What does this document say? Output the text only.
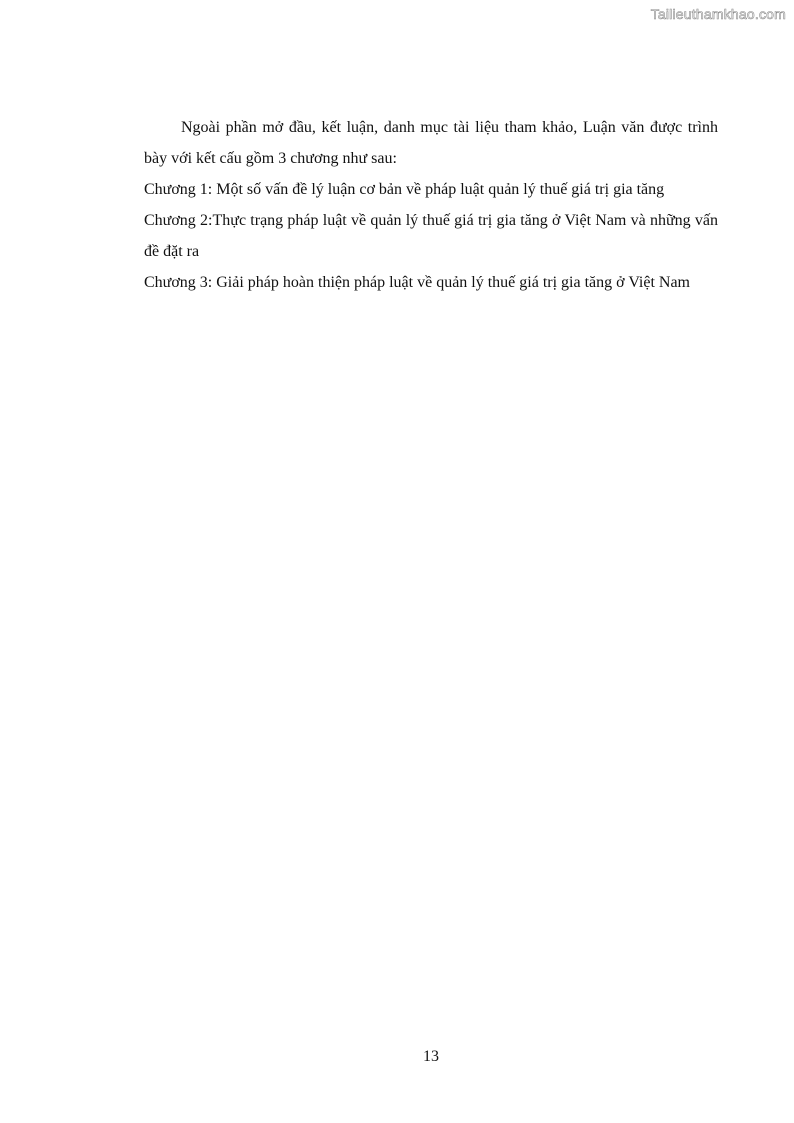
Tailieuthamkhao.com

Ngoài phần mở đầu, kết luận, danh mục tài liệu tham khảo, Luận văn được trình bày với kết cấu gồm 3 chương như sau:

Chương 1: Một số vấn đề lý luận cơ bản về pháp luật quản lý thuế giá trị gia tăng

Chương 2:Thực trạng pháp luật về quản lý thuế giá trị gia tăng ở Việt Nam và những vấn đề đặt ra

Chương 3: Giải pháp hoàn thiện pháp luật về quản lý thuế giá trị gia tăng ở Việt Nam

13
